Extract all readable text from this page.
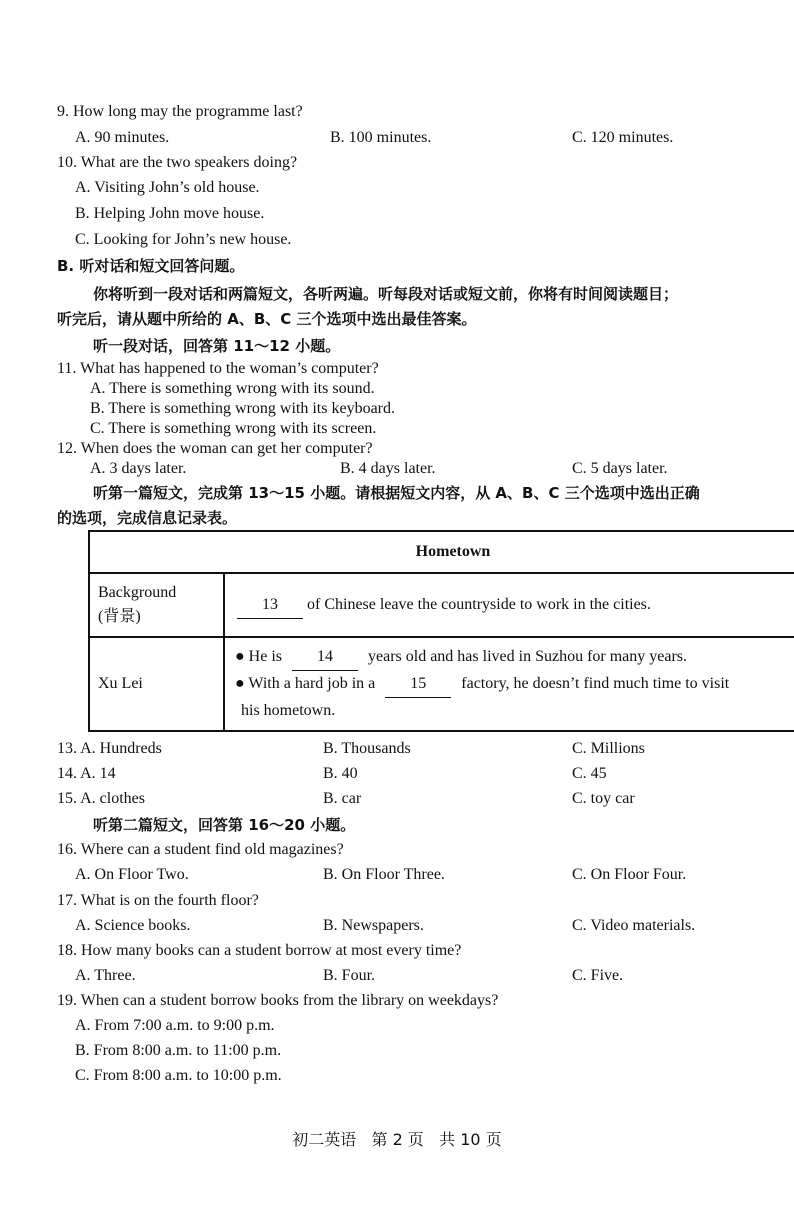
9. How long may the programme last?
A. 90 minutes.	B. 100 minutes.	C. 120 minutes.
10. What are the two speakers doing?
A. Visiting John’s old house.
B. Helping John move house.
C. Looking for John’s new house.
B. 听对话和短文回答问题。
你将听到一段对话和两篇短文，各听两遍。听每段对话或短文前，你将有时间阅读题目；
听完后，请从题中所给的 A、B、C 三个选项中选出最佳答案。
听一段对话，回答第 11～12 小题。
11. What has happened to the woman’s computer?
A. There is something wrong with its sound.
B. There is something wrong with its keyboard.
C. There is something wrong with its screen.
12. When does the woman can get her computer?
A. 3 days later.	B. 4 days later.	C. 5 days later.
听第一篇短文，完成第 13～15 小题。请根据短文内容，从 A、B、C 三个选项中选出正确
的选项，完成信息记录表。
Hometown	

Background
(背景)	13 of Chinese leave the countryside to work in the cities.
Xu Lei	● He is 14 years old and has lived in Suzhou for many years.
● With a hard job in a 15 factory, he doesn’t find much time to visit
his hometown.
13. A. Hundreds	B. Thousands	C. Millions
14. A. 14	B. 40	C. 45
15. A. clothes	B. car	C. toy car
听第二篇短文，回答第 16～20 小题。
16. Where can a student find old magazines?
A. On Floor Two.	B. On Floor Three.	C. On Floor Four.
17. What is on the fourth floor?
A. Science books.	B. Newspapers.	C. Video materials.
18. How many books can a student borrow at most every time?
A. Three.	B. Four.	C. Five.
19. When can a student borrow books from the library on weekdays?
A. From 7:00 a.m. to 9:00 p.m.
B. From 8:00 a.m. to 11:00 p.m.
C. From 8:00 a.m. to 10:00 p.m.
初二英语   第 2 页   共 10 页
